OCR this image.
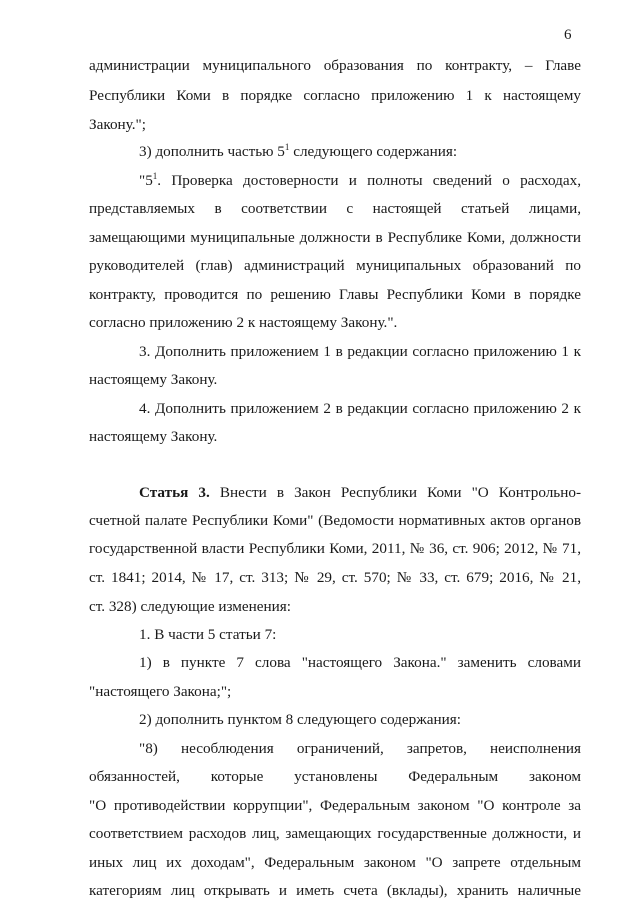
6
администрации муниципального образования по контракту, – Главе
Республики Коми в порядке согласно приложению 1 к настоящему
Закону.";
3) дополнить частью $5^1$ следующего содержания:
"$5^1$. Проверка достоверности и полноты сведений о расходах,
представляемых в соответствии с настоящей статьей лицами,
замещающими муниципальные должности в Республике Коми, должности
руководителей (глав) администраций муниципальных образований по
контракту, проводится по решению Главы Республики Коми в порядке
согласно приложению 2 к настоящему Закону.".
3. Дополнить приложением 1 в редакции согласно приложению 1 к
настоящему Закону.
4. Дополнить приложением 2 в редакции согласно приложению 2 к
настоящему Закону.
Статья 3. Внести в Закон Республики Коми "О Контрольно-
счетной палате Республики Коми" (Ведомости нормативных актов органов
государственной власти Республики Коми, 2011, № 36, ст. 906; 2012, № 71,
ст. 1841; 2014, № 17, ст. 313; № 29, ст. 570; № 33, ст. 679; 2016, № 21,
ст. 328) следующие изменения:
1. В части 5 статьи 7:
1) в пункте 7 слова "настоящего Закона." заменить словами
"настоящего Закона;";
2) дополнить пунктом 8 следующего содержания:
"8) несоблюдения ограничений, запретов, неисполнения
обязанностей, которые установлены Федеральным законом
"О противодействии коррупции", Федеральным законом "О контроле за
соответствием расходов лиц, замещающих государственные должности, и
иных лиц их доходам", Федеральным законом "О запрете отдельным
категориям лиц открывать и иметь счета (вклады), хранить наличные
